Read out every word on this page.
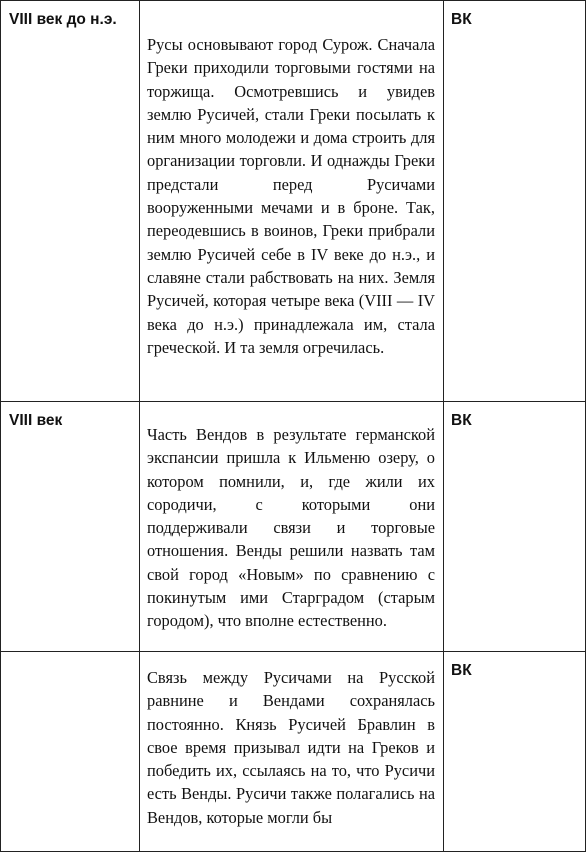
VIII век до н.э.	Русы основывают город Сурож. Сначала Греки приходили торговыми гостями на торжища. Осмотревшись и увидев землю Русичей, стали Греки посылать к ним много молодежи и дома строить для организации торговли. И однажды Греки предстали перед Русичами вооруженными мечами и в броне. Так, переодевшись в воинов, Греки прибрали землю Русичей себе в IV веке до н.э., и славяне стали рабствовать на них. Земля Русичей, которая четыре века (VIII — IV века до н.э.) принадлежала им, стала греческой. И та земля огречилась.	ВК
VIII век	Часть Вендов в результате германской экспансии пришла к Ильменю озеру, о котором помнили, и, где жили их сородичи, с которыми они поддерживали связи и торговые отношения. Венды решили назвать там свой город «Новым» по сравнению с покинутым ими Старградом (старым городом), что вполне естественно.	ВК

	Связь между Русичами на Русской равнине и Вендами сохранялась постоянно. Князь Русичей Бравлин в свое время призывал идти на Греков и победить их, ссылаясь на то, что Русичи есть Венды. Русичи также полагались на Вендов, которые могли бы	ВК
